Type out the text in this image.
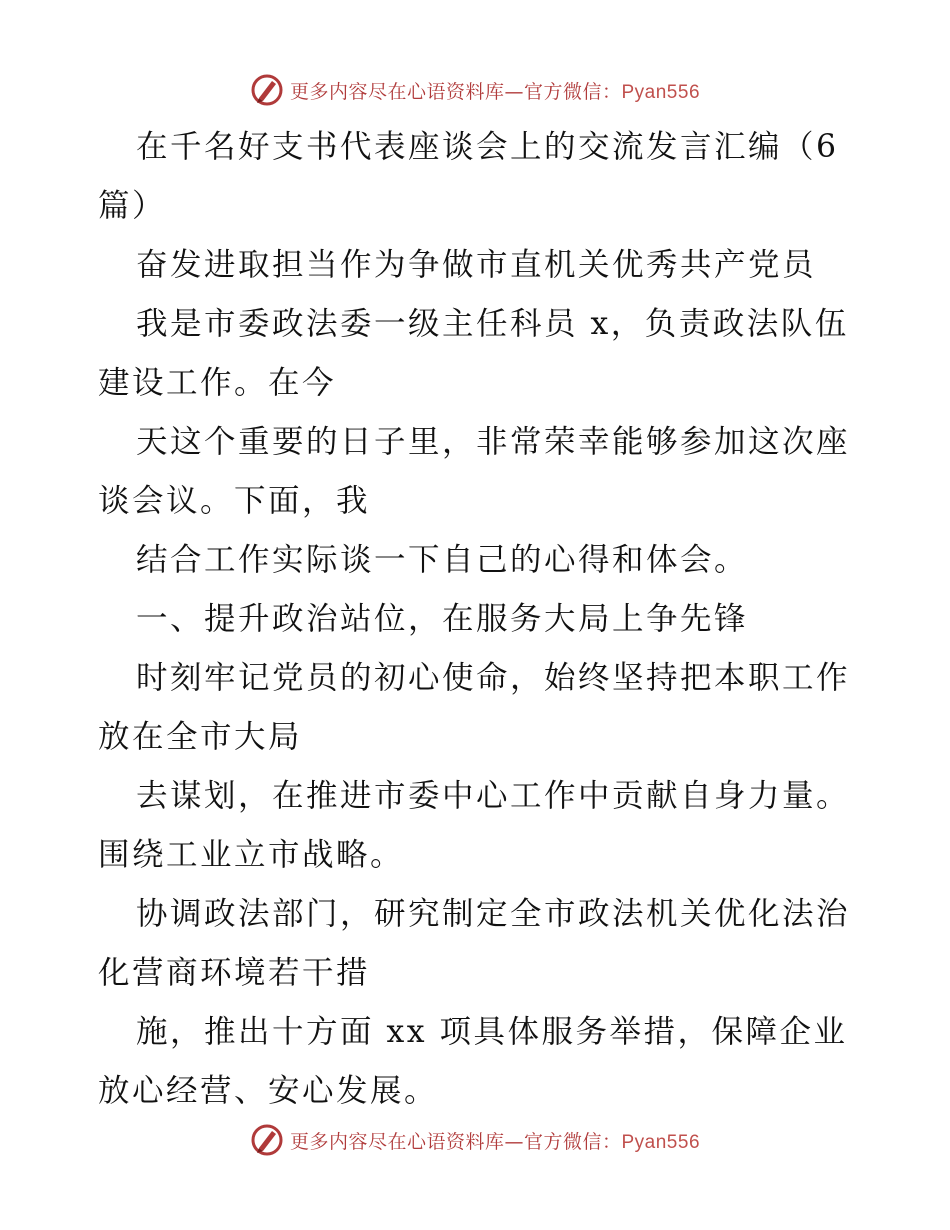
更多内容尽在心语资料库—官方微信：Pyan556

在千名好支书代表座谈会上的交流发言汇编（6篇）

奋发进取担当作为争做市直机关优秀共产党员

我是市委政法委一级主任科员 x，负责政法队伍建设工作。在今

天这个重要的日子里，非常荣幸能够参加这次座谈会议。下面，我

结合工作实际谈一下自己的心得和体会。

一、提升政治站位，在服务大局上争先锋

时刻牢记党员的初心使命，始终坚持把本职工作放在全市大局

去谋划，在推进市委中心工作中贡献自身力量。围绕工业立市战略。

协调政法部门，研究制定全市政法机关优化法治化营商环境若干措

施，推出十方面 xx 项具体服务举措，保障企业放心经营、安心发展。

更多内容尽在心语资料库—官方微信：Pyan556
